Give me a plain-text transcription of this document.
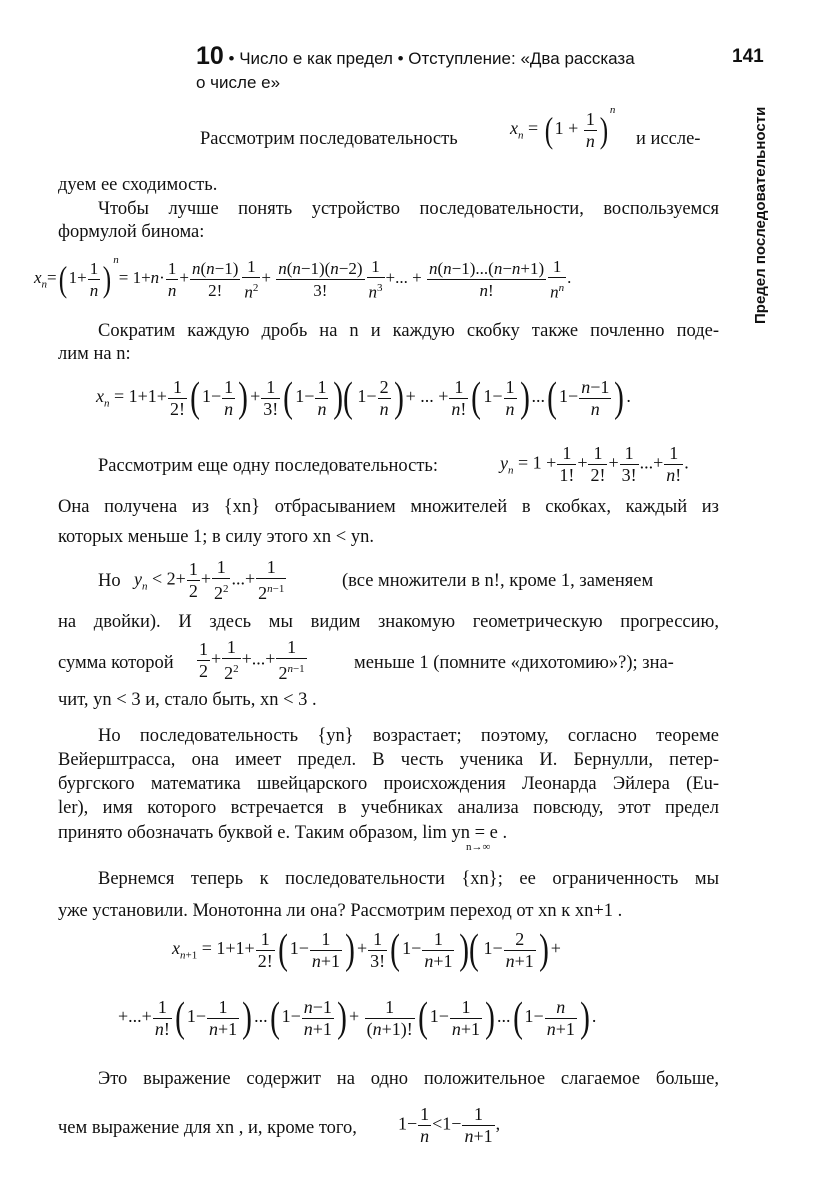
10 • Число e как предел • Отступление: «Два рассказа
о числе e»
141
Предел последовательности
Рассмотрим последовательность
$x_n = (1 + \frac{1}{n}$ ) $^n$
и иссле-
дуем ее сходимость.
Чтобы лучше понять устройство последовательности, воспользуемся
формулой бинома:
$x_n=$( $1+ \frac{1}{n}$ ) $^n= 1+n\cdot \frac{1}{n} + \frac{n(n-1)}{2!} \frac{1}{n^2} + \frac{n(n-1)(n-2)}{3!} \frac{1}{n^3}$ +... + $\frac{n(n-1)...(n-n+1)}{n!} \frac{1}{n^n}$ .
Сократим каждую дробь на n и каждую скобку также почленно поде-
лим на n:
$x_n = 1+1+ \frac{1}{2!}$ ( $1- \frac{1}{n}$ ) + $\frac{1}{3!}$ ( $1- \frac{1}{n}$ )( $1- \frac{2}{n}$ ) + ... + $\frac{1}{n!}$ ( $1- \frac{1}{n}$ ) ...( $1- \frac{n-1}{n}$ ) .
Рассмотрим еще одну последовательность:	$y_n = 1 + \frac{1}{1!} + \frac{1}{2!} + \frac{1}{3!}$ ...+ $\frac{1}{n!}$ .
Она получена из {xn} отбрасыванием множителей в скобках, каждый из
которых меньше 1; в силу этого xn < yn.
Но $y_n < 2+ \frac{1}{2} + \frac{1}{2^2}$ ...+ $\frac{1}{2^{n-1}}$	(все множители в n!, кроме 1, заменяем
на двойки). И здесь мы видим знакомую геометрическую прогрессию,
сумма которой $\frac{1}{2} + \frac{1}{2^2}$ +...+ $\frac{1}{2^{n-1}}$	меньше 1 (помните «дихотомию»?); зна-
чит, yn < 3 и, стало быть, xn < 3 .
Но последовательность {yn} возрастает; поэтому, согласно теореме
Вейерштрасса, она имеет предел. В честь ученика И. Бернулли, петер-
бургского математика швейцарского происхождения Леонарда Эйлера (Eu-
ler), имя которого встречается в учебниках анализа повсюду, этот предел
принято обозначать буквой e. Таким образом, lim yn = e .
n→∞
Вернемся теперь к последовательности {xn}; ее ограниченность мы
уже установили. Монотонна ли она? Рассмотрим переход от xn к xn+1 .
$x_{n+1} = 1+1+ \frac{1}{2!}$ ( $1- \frac{1}{n+1}$ ) + $\frac{1}{3!}$ ( $1- \frac{1}{n+1}$ )( $1- \frac{2}{n+1}$ ) +
+...+ $\frac{1}{n!}$ ( $1- \frac{1}{n+1}$ ) ...( $1- \frac{n-1}{n+1}$ ) + $\frac{1}{(n+1)!}$ ( $1- \frac{1}{n+1}$ ) ...( $1- \frac{n}{n+1}$ ) .
Это выражение содержит на одно положительное слагаемое больше,
чем выражение для xn , и, кроме того, $1- \frac{1}{n} <1- \frac{1}{n+1}$ ,
